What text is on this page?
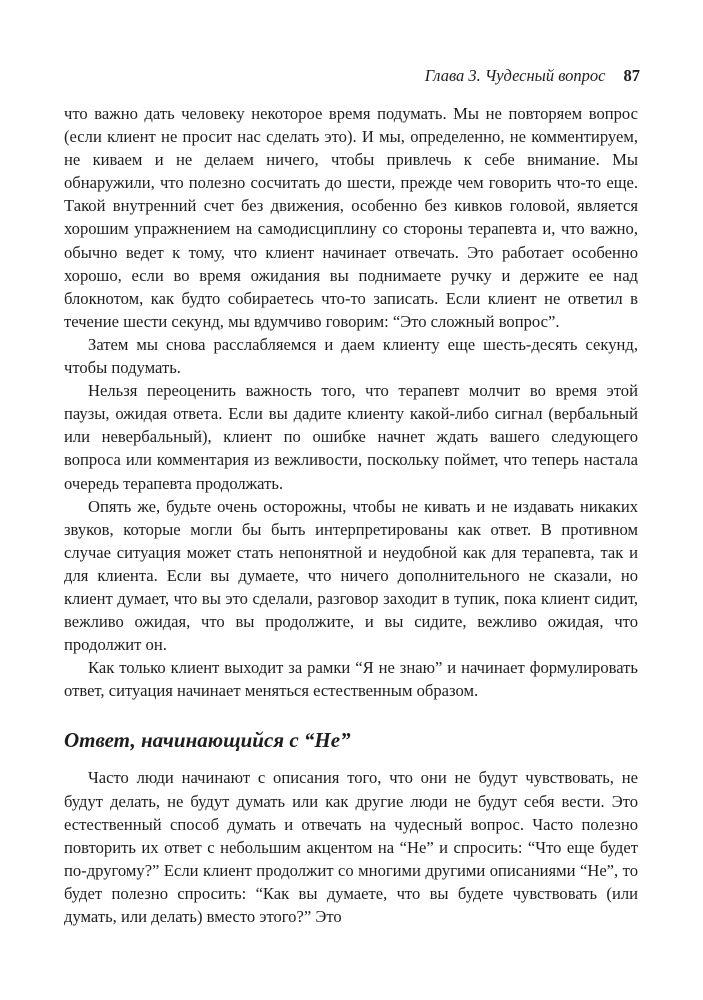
Глава 3. Чудесный вопрос 87

что важно дать человеку некоторое время подумать. Мы не повторяем вопрос (если клиент не просит нас сделать это). И мы, определенно, не комментируем, не киваем и не делаем ничего, чтобы привлечь к себе внимание. Мы обнаружили, что полезно сосчитать до шести, прежде чем говорить что-то еще. Такой внутренний счет без движения, особенно без кивков головой, является хорошим упражнением на самодисциплину со стороны терапевта и, что важно, обычно ведет к тому, что клиент начинает отвечать. Это работает особенно хорошо, если во время ожидания вы поднимаете ручку и держите ее над блокнотом, как будто собираетесь что-то записать. Если клиент не ответил в течение шести секунд, мы вдумчиво говорим: “Это сложный вопрос”.

Затем мы снова расслабляемся и даем клиенту еще шесть-десять секунд, чтобы подумать.

Нельзя переоценить важность того, что терапевт молчит во время этой паузы, ожидая ответа. Если вы дадите клиенту какой-либо сигнал (вербальный или невербальный), клиент по ошибке начнет ждать вашего следующего вопроса или комментария из вежливости, поскольку поймет, что теперь настала очередь терапевта продолжать.

Опять же, будьте очень осторожны, чтобы не кивать и не издавать никаких звуков, которые могли бы быть интерпретированы как ответ. В противном случае ситуация может стать непонятной и неудобной как для терапевта, так и для клиента. Если вы думаете, что ничего дополнительного не сказали, но клиент думает, что вы это сделали, разговор заходит в тупик, пока клиент сидит, вежливо ожидая, что вы продолжите, и вы сидите, вежливо ожидая, что продолжит он.

Как только клиент выходит за рамки “Я не знаю” и начинает формулировать ответ, ситуация начинает меняться естественным образом.

Ответ, начинающийся с “Не”

Часто люди начинают с описания того, что они не будут чувствовать, не будут делать, не будут думать или как другие люди не будут себя вести. Это естественный способ думать и отвечать на чудесный вопрос. Часто полезно повторить их ответ с небольшим акцентом на “Не” и спросить: “Что еще будет по-другому?” Если клиент продолжит со многими другими описаниями “Не”, то будет полезно спросить: “Как вы думаете, что вы будете чувствовать (или думать, или делать) вместо этого?” Это
